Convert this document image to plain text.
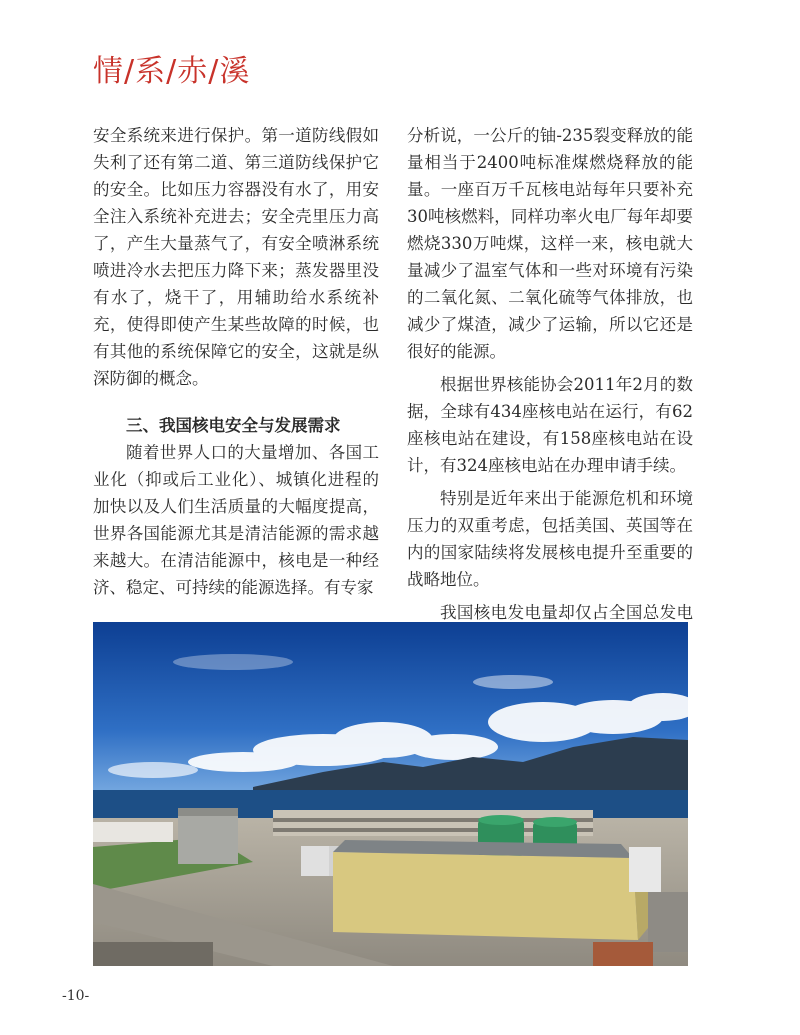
情/系/赤/溪

安全系统来进行保护。第一道防线假如失利了还有第二道、第三道防线保护它的安全。比如压力容器没有水了，用安全注入系统补充进去；安全壳里压力高了，产生大量蒸气了，有安全喷淋系统喷进冷水去把压力降下来；蒸发器里没有水了，烧干了，用辅助给水系统补充，使得即使产生某些故障的时候，也有其他的系统保障它的安全，这就是纵深防御的概念。

三、我国核电安全与发展需求

随着世界人口的大量增加、各国工业化（抑或后工业化）、城镇化进程的加快以及人们生活质量的大幅度提高，世界各国能源尤其是清洁能源的需求越来越大。在清洁能源中，核电是一种经济、稳定、可持续的能源选择。有专家

分析说，一公斤的铀-235裂变释放的能量相当于2400吨标准煤燃烧释放的能量。一座百万千瓦核电站每年只要补充30吨核燃料，同样功率火电厂每年却要燃烧330万吨煤，这样一来，核电就大量减少了温室气体和一些对环境有污染的二氧化氮、二氧化硫等气体排放，也减少了煤渣，减少了运输，所以它还是很好的能源。

根据世界核能协会2011年2月的数据，全球有434座核电站在运行，有62座核电站在建设，有158座核电站在设计，有324座核电站在办理申请手续。

特别是近年来出于能源危机和环境压力的双重考虑，包括美国、英国等在内的国家陆续将发展核电提升至重要的战略地位。

我国核电发电量却仅占全国总发电

-10-
